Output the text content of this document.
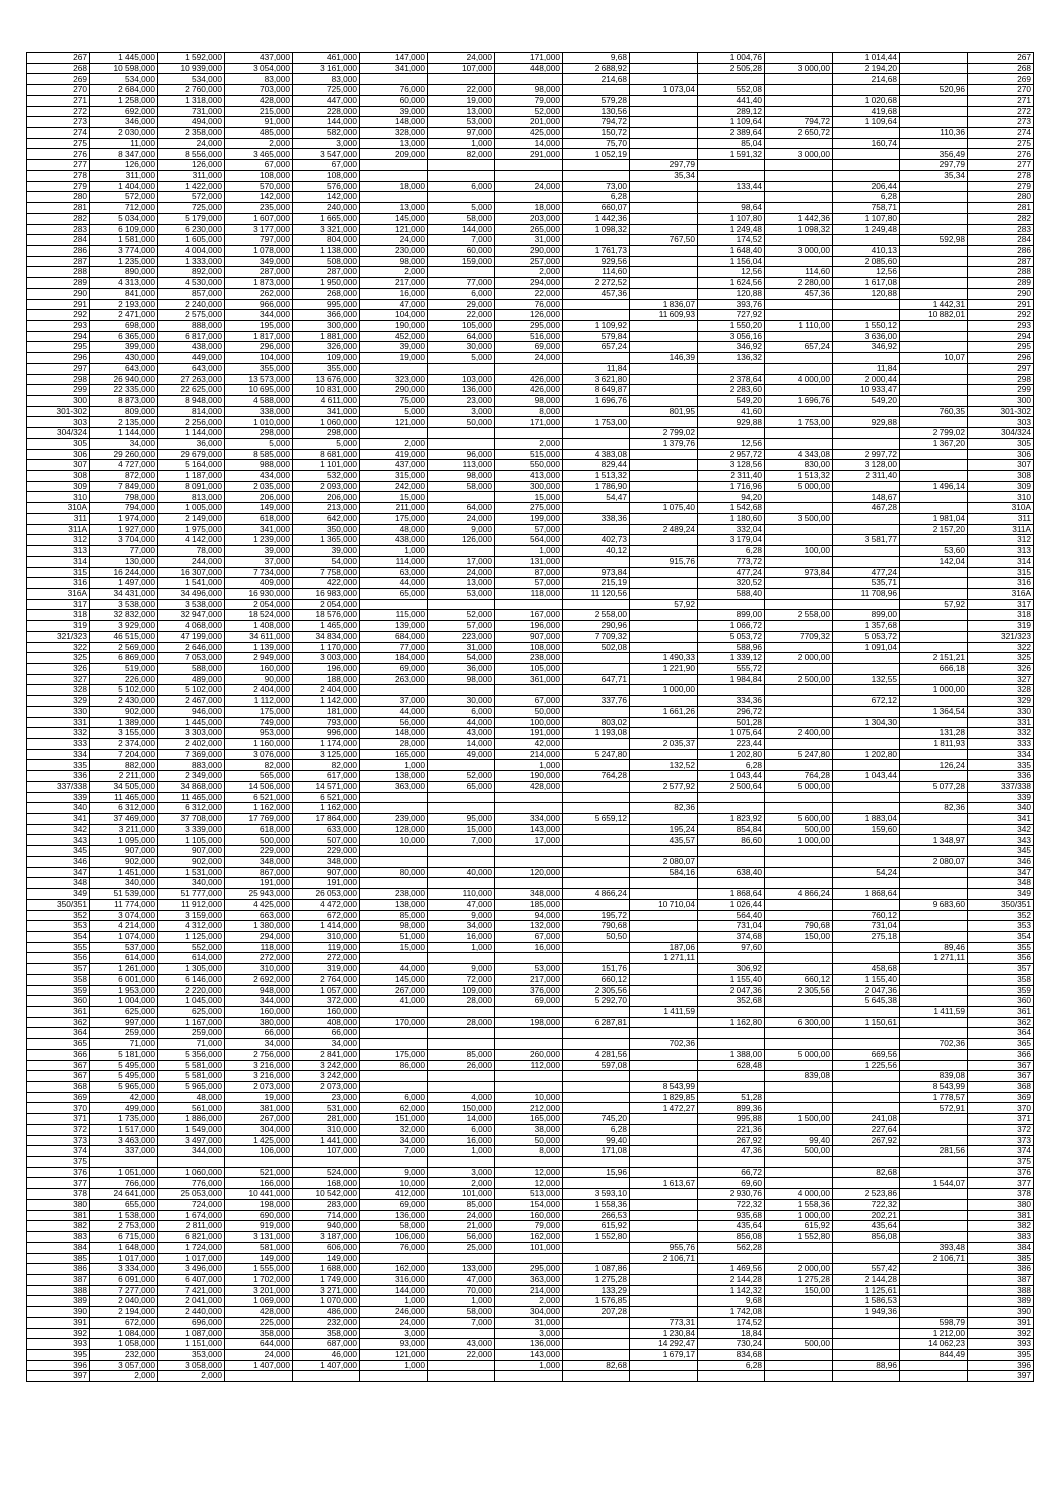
267	1 445,000	1 592,000	437,000	461,000	147,000	24,000	171,000	9,68		1 004,76		1 014,44		267
268	10 598,000	10 939,000	3 054,000	3 161,000	341,000	107,000	448,000	2 688,92		2 505,28	3 000,00	2 194,20		268
269	534,000	534,000	83,000	83,000				214,68				214,68		269
270	2 684,000	2 760,000	703,000	725,000	76,000	22,000	98,000		1 073,04	552,08			520,96	270
271	1 258,000	1 318,000	428,000	447,000	60,000	19,000	79,000	579,28		441,40		1 020,68		271
272	692,000	731,000	215,000	228,000	39,000	13,000	52,000	130,56		289,12		419,68		272
273	346,000	494,000	91,000	144,000	148,000	53,000	201,000	794,72		1 109,64	794,72	1 109,64		273
274	2 030,000	2 358,000	485,000	582,000	328,000	97,000	425,000	150,72		2 389,64	2 650,72		110,36	274
275	11,000	24,000	2,000	3,000	13,000	1,000	14,000	75,70		85,04		160,74		275
276	8 347,000	8 556,000	3 465,000	3 547,000	209,000	82,000	291,000	1 052,19		1 591,32	3 000,00		356,49	276
277	126,000	126,000	67,000	67,000					297,79				297,79	277
278	311,000	311,000	108,000	108,000					35,34				35,34	278
279	1 404,000	1 422,000	570,000	576,000	18,000	6,000	24,000	73,00		133,44		206,44		279
280	572,000	572,000	142,000	142,000				6,28				6,28		280
281	712,000	725,000	235,000	240,000	13,000	5,000	18,000	660,07		98,64		758,71		281
282	5 034,000	5 179,000	1 607,000	1 665,000	145,000	58,000	203,000	1 442,36		1 107,80	1 442,36	1 107,80		282
283	6 109,000	6 230,000	3 177,000	3 321,000	121,000	144,000	265,000	1 098,32		1 249,48	1 098,32	1 249,48		283
284	1 581,000	1 605,000	797,000	804,000	24,000	7,000	31,000		767,50	174,52			592,98	284
286	3 774,000	4 004,000	1 078,000	1 138,000	230,000	60,000	290,000	1 761,73		1 648,40	3 000,00	410,13		286
287	1 235,000	1 333,000	349,000	508,000	98,000	159,000	257,000	929,56		1 156,04		2 085,60		287
288	890,000	892,000	287,000	287,000	2,000		2,000	114,60		12,56	114,60	12,56		288
289	4 313,000	4 530,000	1 873,000	1 950,000	217,000	77,000	294,000	2 272,52		1 624,56	2 280,00	1 617,08		289
290	841,000	857,000	262,000	268,000	16,000	6,000	22,000	457,36		120,88	457,36	120,88		290
291	2 193,000	2 240,000	966,000	995,000	47,000	29,000	76,000		1 836,07	393,76			1 442,31	291
292	2 471,000	2 575,000	344,000	366,000	104,000	22,000	126,000		11 609,93	727,92			10 882,01	292
293	698,000	888,000	195,000	300,000	190,000	105,000	295,000	1 109,92		1 550,20	1 110,00	1 550,12		293
294	6 365,000	6 817,000	1 817,000	1 881,000	452,000	64,000	516,000	579,84		3 056,16		3 636,00		294
295	399,000	438,000	296,000	326,000	39,000	30,000	69,000	657,24		346,92	657,24	346,92		295
296	430,000	449,000	104,000	109,000	19,000	5,000	24,000		146,39	136,32			10,07	296
297	643,000	643,000	355,000	355,000				11,84				11,84		297
298	26 940,000	27 263,000	13 573,000	13 676,000	323,000	103,000	426,000	3 621,80		2 378,64	4 000,00	2 000,44		298
299	22 335,000	22 625,000	10 695,000	10 831,000	290,000	136,000	426,000	8 649,87		2 283,60		10 933,47		299
300	8 873,000	8 948,000	4 588,000	4 611,000	75,000	23,000	98,000	1 696,76		549,20	1 696,76	549,20		300
301-302	809,000	814,000	338,000	341,000	5,000	3,000	8,000		801,95	41,60			760,35	301-302
303	2 135,000	2 256,000	1 010,000	1 060,000	121,000	50,000	171,000	1 753,00		929,88	1 753,00	929,88		303
304/324	1 144,000	1 144,000	298,000	298,000					2 799,02				2 799,02	304/324
305	34,000	36,000	5,000	5,000	2,000		2,000		1 379,76	12,56			1 367,20	305
306	29 260,000	29 679,000	8 585,000	8 681,000	419,000	96,000	515,000	4 383,08		2 957,72	4 343,08	2 997,72		306
307	4 727,000	5 164,000	988,000	1 101,000	437,000	113,000	550,000	829,44		3 128,56	830,00	3 128,00		307
308	872,000	1 187,000	434,000	532,000	315,000	98,000	413,000	1 513,32		2 311,40	1 513,32	2 311,40		308
309	7 849,000	8 091,000	2 035,000	2 093,000	242,000	58,000	300,000	1 786,90		1 716,96	5 000,00		1 496,14	309
310	798,000	813,000	206,000	206,000	15,000		15,000	54,47		94,20		148,67		310
310A	794,000	1 005,000	149,000	213,000	211,000	64,000	275,000		1 075,40	1 542,68		467,28		310A
311	1 974,000	2 149,000	618,000	642,000	175,000	24,000	199,000	338,36		1 180,60	3 500,00		1 981,04	311
311A	1 927,000	1 975,000	341,000	350,000	48,000	9,000	57,000		2 489,24	332,04			2 157,20	311A
312	3 704,000	4 142,000	1 239,000	1 365,000	438,000	126,000	564,000	402,73		3 179,04		3 581,77		312
313	77,000	78,000	39,000	39,000	1,000		1,000	40,12		6,28	100,00		53,60	313
314	130,000	244,000	37,000	54,000	114,000	17,000	131,000		915,76	773,72			142,04	314
315	16 244,000	16 307,000	7 734,000	7 758,000	63,000	24,000	87,000	973,84		477,24	973,84	477,24		315
316	1 497,000	1 541,000	409,000	422,000	44,000	13,000	57,000	215,19		320,52		535,71		316
316A	34 431,000	34 496,000	16 930,000	16 983,000	65,000	53,000	118,000	11 120,56		588,40		11 708,96		316A
317	3 538,000	3 538,000	2 054,000	2 054,000					57,92				57,92	317
318	32 832,000	32 947,000	18 524,000	18 576,000	115,000	52,000	167,000	2 558,00		899,00	2 558,00	899,00		318
319	3 929,000	4 068,000	1 408,000	1 465,000	139,000	57,000	196,000	290,96		1 066,72		1 357,68		319
321/323	46 515,000	47 199,000	34 611,000	34 834,000	684,000	223,000	907,000	7 709,32		5 053,72	7709,32	5 053,72		321/323
322	2 569,000	2 646,000	1 139,000	1 170,000	77,000	31,000	108,000	502,08		588,96		1 091,04		322
325	6 869,000	7 053,000	2 949,000	3 003,000	184,000	54,000	238,000		1 490,33	1 339,12	2 000,00		2 151,21	325
326	519,000	588,000	160,000	196,000	69,000	36,000	105,000		1 221,90	555,72			666,18	326
327	226,000	489,000	90,000	188,000	263,000	98,000	361,000	647,71		1 984,84	2 500,00	132,55		327
328	5 102,000	5 102,000	2 404,000	2 404,000					1 000,00				1 000,00	328
329	2 430,000	2 467,000	1 112,000	1 142,000	37,000	30,000	67,000	337,76		334,36		672,12		329
330	902,000	946,000	175,000	181,000	44,000	6,000	50,000		1 661,26	296,72			1 364,54	330
331	1 389,000	1 445,000	749,000	793,000	56,000	44,000	100,000	803,02		501,28		1 304,30		331
332	3 155,000	3 303,000	953,000	996,000	148,000	43,000	191,000	1 193,08		1 075,64	2 400,00		131,28	332
333	2 374,000	2 402,000	1 160,000	1 174,000	28,000	14,000	42,000		2 035,37	223,44			1 811,93	333
334	7 204,000	7 369,000	3 076,000	3 125,000	165,000	49,000	214,000	5 247,80		1 202,80	5 247,80	1 202,80		334
335	882,000	883,000	82,000	82,000	1,000		1,000		132,52	6,28			126,24	335
336	2 211,000	2 349,000	565,000	617,000	138,000	52,000	190,000	764,28		1 043,44	764,28	1 043,44		336
337/338	34 505,000	34 868,000	14 506,000	14 571,000	363,000	65,000	428,000		2 577,92	2 500,64	5 000,00		5 077,28	337/338
339	11 465,000	11 465,000	6 521,000	6 521,000										339
340	6 312,000	6 312,000	1 162,000	1 162,000					82,36				82,36	340
341	37 469,000	37 708,000	17 769,000	17 864,000	239,000	95,000	334,000	5 659,12		1 823,92	5 600,00	1 883,04		341
342	3 211,000	3 339,000	618,000	633,000	128,000	15,000	143,000		195,24	854,84	500,00	159,60		342
343	1 095,000	1 105,000	500,000	507,000	10,000	7,000	17,000		435,57	86,60	1 000,00		1 348,97	343
345	907,000	907,000	229,000	229,000										345
346	902,000	902,000	348,000	348,000					2 080,07				2 080,07	346
347	1 451,000	1 531,000	867,000	907,000	80,000	40,000	120,000		584,16	638,40		54,24		347
348	340,000	340,000	191,000	191,000										348
349	51 539,000	51 777,000	25 943,000	26 053,000	238,000	110,000	348,000	4 866,24		1 868,64	4 866,24	1 868,64		349
350/351	11 774,000	11 912,000	4 425,000	4 472,000	138,000	47,000	185,000		10 710,04	1 026,44			9 683,60	350/351
352	3 074,000	3 159,000	663,000	672,000	85,000	9,000	94,000	195,72		564,40		760,12		352
353	4 214,000	4 312,000	1 380,000	1 414,000	98,000	34,000	132,000	790,68		731,04	790,68	731,04		353
354	1 074,000	1 125,000	294,000	310,000	51,000	16,000	67,000	50,50		374,68	150,00	275,18		354
355	537,000	552,000	118,000	119,000	15,000	1,000	16,000		187,06	97,60			89,46	355
356	614,000	614,000	272,000	272,000					1 271,11				1 271,11	356
357	1 261,000	1 305,000	310,000	319,000	44,000	9,000	53,000	151,76		306,92		458,68		357
358	6 001,000	6 146,000	2 692,000	2 764,000	145,000	72,000	217,000	660,12		1 155,40	660,12	1 155,40		358
359	1 953,000	2 220,000	948,000	1 057,000	267,000	109,000	376,000	2 305,56		2 047,36	2 305,56	2 047,36		359
360	1 004,000	1 045,000	344,000	372,000	41,000	28,000	69,000	5 292,70		352,68		5 645,38		360
361	625,000	625,000	160,000	160,000					1 411,59				1 411,59	361
362	997,000	1 167,000	380,000	408,000	170,000	28,000	198,000	6 287,81		1 162,80	6 300,00	1 150,61		362
364	259,000	259,000	66,000	66,000										364
365	71,000	71,000	34,000	34,000					702,36				702,36	365
366	5 181,000	5 356,000	2 756,000	2 841,000	175,000	85,000	260,000	4 281,56		1 388,00	5 000,00	669,56		366
367	5 495,000	5 581,000	3 216,000	3 242,000	86,000	26,000	112,000	597,08		628,48		1 225,56		367
367	5 495,000	5 581,000	3 216,000	3 242,000							839,08		839,08	367
368	5 965,000	5 965,000	2 073,000	2 073,000					8 543,99				8 543,99	368
369	42,000	48,000	19,000	23,000	6,000	4,000	10,000		1 829,85	51,28			1 778,57	369
370	499,000	561,000	381,000	531,000	62,000	150,000	212,000		1 472,27	899,36			572,91	370
371	1 735,000	1 886,000	267,000	281,000	151,000	14,000	165,000	745,20		995,88	1 500,00	241,08		371
372	1 517,000	1 549,000	304,000	310,000	32,000	6,000	38,000	6,28		221,36		227,64		372
373	3 463,000	3 497,000	1 425,000	1 441,000	34,000	16,000	50,000	99,40		267,92	99,40	267,92		373
374	337,000	344,000	106,000	107,000	7,000	1,000	8,000	171,08		47,36	500,00		281,56	374
375														375
376	1 051,000	1 060,000	521,000	524,000	9,000	3,000	12,000	15,96		66,72		82,68		376
377	766,000	776,000	166,000	168,000	10,000	2,000	12,000		1 613,67	69,60			1 544,07	377
378	24 641,000	25 053,000	10 441,000	10 542,000	412,000	101,000	513,000	3 593,10		2 930,76	4 000,00	2 523,86		378
380	655,000	724,000	198,000	283,000	69,000	85,000	154,000	1 558,36		722,32	1 558,36	722,32		380
381	1 538,000	1 674,000	690,000	714,000	136,000	24,000	160,000	266,53		935,68	1 000,00	202,21		381
382	2 753,000	2 811,000	919,000	940,000	58,000	21,000	79,000	615,92		435,64	615,92	435,64		382
383	6 715,000	6 821,000	3 131,000	3 187,000	106,000	56,000	162,000	1 552,80		856,08	1 552,80	856,08		383
384	1 648,000	1 724,000	581,000	606,000	76,000	25,000	101,000		955,76	562,28			393,48	384
385	1 017,000	1 017,000	149,000	149,000					2 106,71				2 106,71	385
386	3 334,000	3 496,000	1 555,000	1 688,000	162,000	133,000	295,000	1 087,86		1 469,56	2 000,00	557,42		386
387	6 091,000	6 407,000	1 702,000	1 749,000	316,000	47,000	363,000	1 275,28		2 144,28	1 275,28	2 144,28		387
388	7 277,000	7 421,000	3 201,000	3 271,000	144,000	70,000	214,000	133,29		1 142,32	150,00	1 125,61		388
389	2 040,000	2 041,000	1 069,000	1 070,000	1,000	1,000	2,000	1 576,85		9,68		1 586,53		389
390	2 194,000	2 440,000	428,000	486,000	246,000	58,000	304,000	207,28		1 742,08		1 949,36		390
391	672,000	696,000	225,000	232,000	24,000	7,000	31,000		773,31	174,52			598,79	391
392	1 084,000	1 087,000	358,000	358,000	3,000		3,000		1 230,84	18,84			1 212,00	392
393	1 058,000	1 151,000	644,000	687,000	93,000	43,000	136,000		14 292,47	730,24	500,00		14 062,23	393
395	232,000	353,000	24,000	46,000	121,000	22,000	143,000		1 679,17	834,68			844,49	395
396	3 057,000	3 058,000	1 407,000	1 407,000	1,000		1,000	82,68		6,28		88,96		396
397	2,000	2,000												397
